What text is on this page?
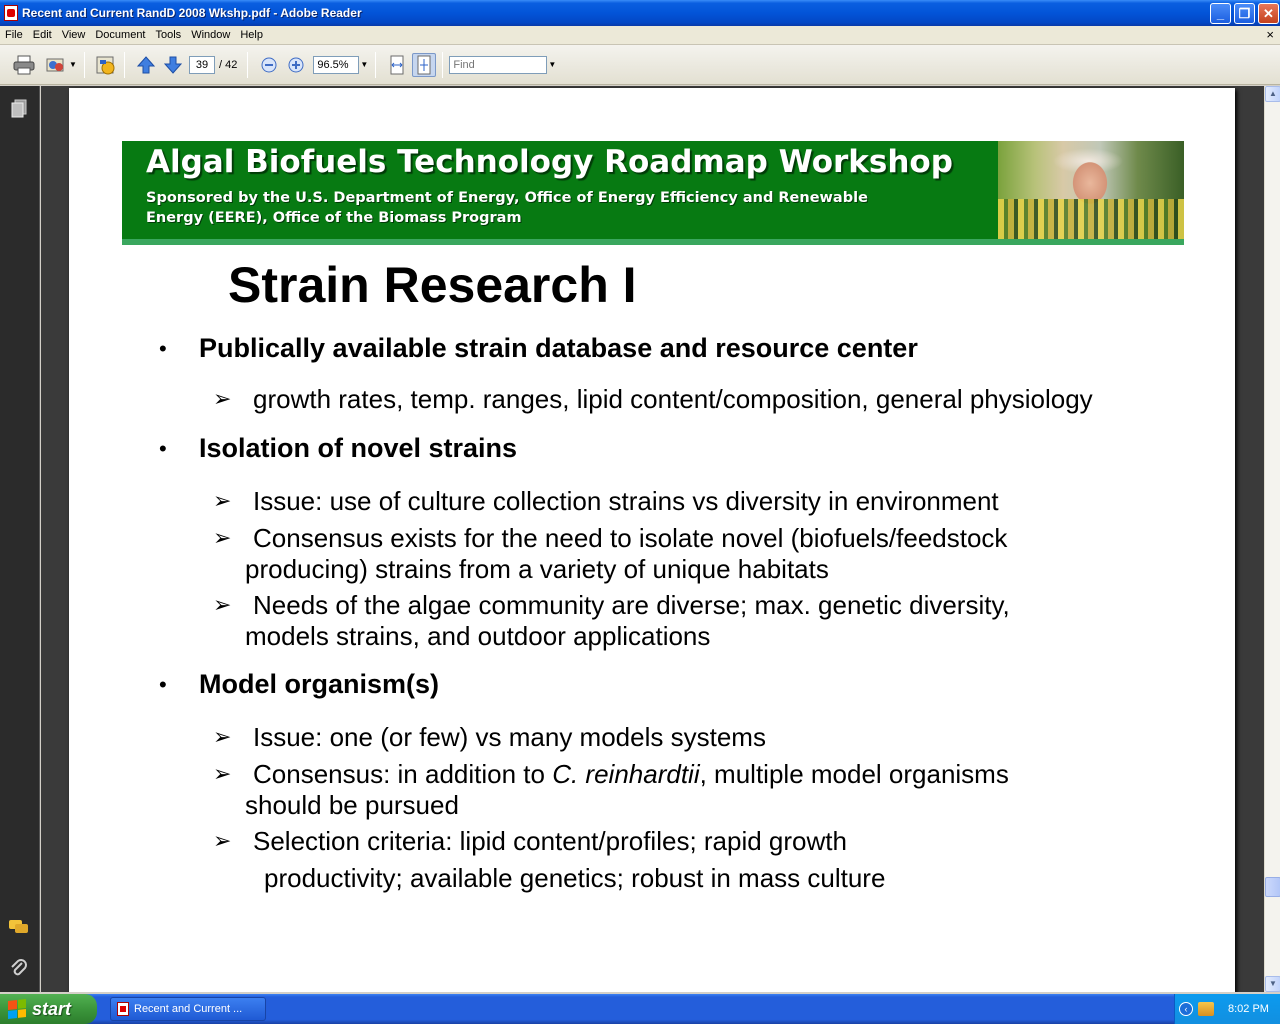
Recent and Current RandD 2008 Wkshp.pdf - Adobe Reader	_	❐ ✕
File Edit View Document Tools Window Help	×
▼
39	/ 42
96.5%	▼
Find	▼
Algal Biofuels Technology Roadmap Workshop
Sponsored by the U.S. Department of Energy, Office of Energy Efficiency and Renewable
Energy (EERE), Office of the Biomass Program
Strain Research I
• Publically available strain database and resource center
➢ growth rates, temp. ranges, lipid content/composition, general physiology
• Isolation of novel strains
➢ Issue: use of culture collection strains vs diversity in environment
➢ Consensus exists for the need to isolate novel (biofuels/feedstock
producing) strains from a variety of unique habitats
➢ Needs of the algae community are diverse; max. genetic diversity,
models strains, and outdoor applications
• Model organism(s)
➢ Issue: one (or few) vs many models systems
➢ Consensus: in addition to C. reinhardtii, multiple model organisms
should be pursued
➢ Selection criteria: lipid content/profiles; rapid growth
productivity; available genetics; robust in mass culture
▲
▼
start	Recent and Current ...	‹	8:02 PM
